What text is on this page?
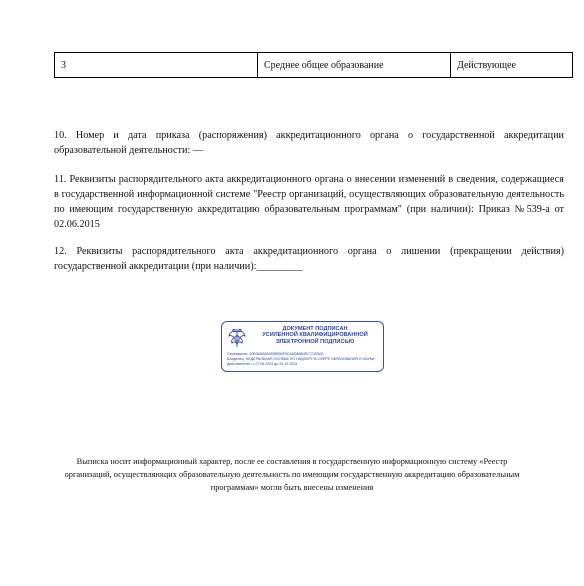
3	Среднее общее образование	Действующее

10. Номер и дата приказа (распоряжения) аккредитационного органа о государственной аккредитации образовательной деятельности: —

11. Реквизиты распорядительного акта аккредитационного органа о внесении изменений в сведения, содержащиеся в государственной информационной системе "Реестр организаций, осуществляющих образовательную деятельность по имеющим государственную аккредитацию образовательным программам" (при наличии): Приказ №539-а от 02.06.2015

12. Реквизиты распорядительного акта аккредитационного органа о лишении (прекращении действия) государственной аккредитации (при наличии):_________

ДОКУМЕНТ ПОДПИСАН
УСИЛЕННОЙ КВАЛИФИЦИРОВАННОЙ
ЭЛЕКТРОННОЙ ПОДПИСЬЮ

Сертификат: 00B3A9A8A0DBEB0F9CA5D88B4EC7782631
Владелец: ФЕДЕРАЛЬНАЯ СЛУЖБА ПО НАДЗОРУ В СФЕРЕ ОБРАЗОВАНИЯ И НАУКИ
Действителен: с 27.06.2024 до 20.12.2025

Выписка носит информационный характер, после ее составления в государственную информационную систему «Реестр организаций, осуществляющих образовательную деятельность по имеющим государственную аккредитацию образовательным программам» могли быть внесены изменения
